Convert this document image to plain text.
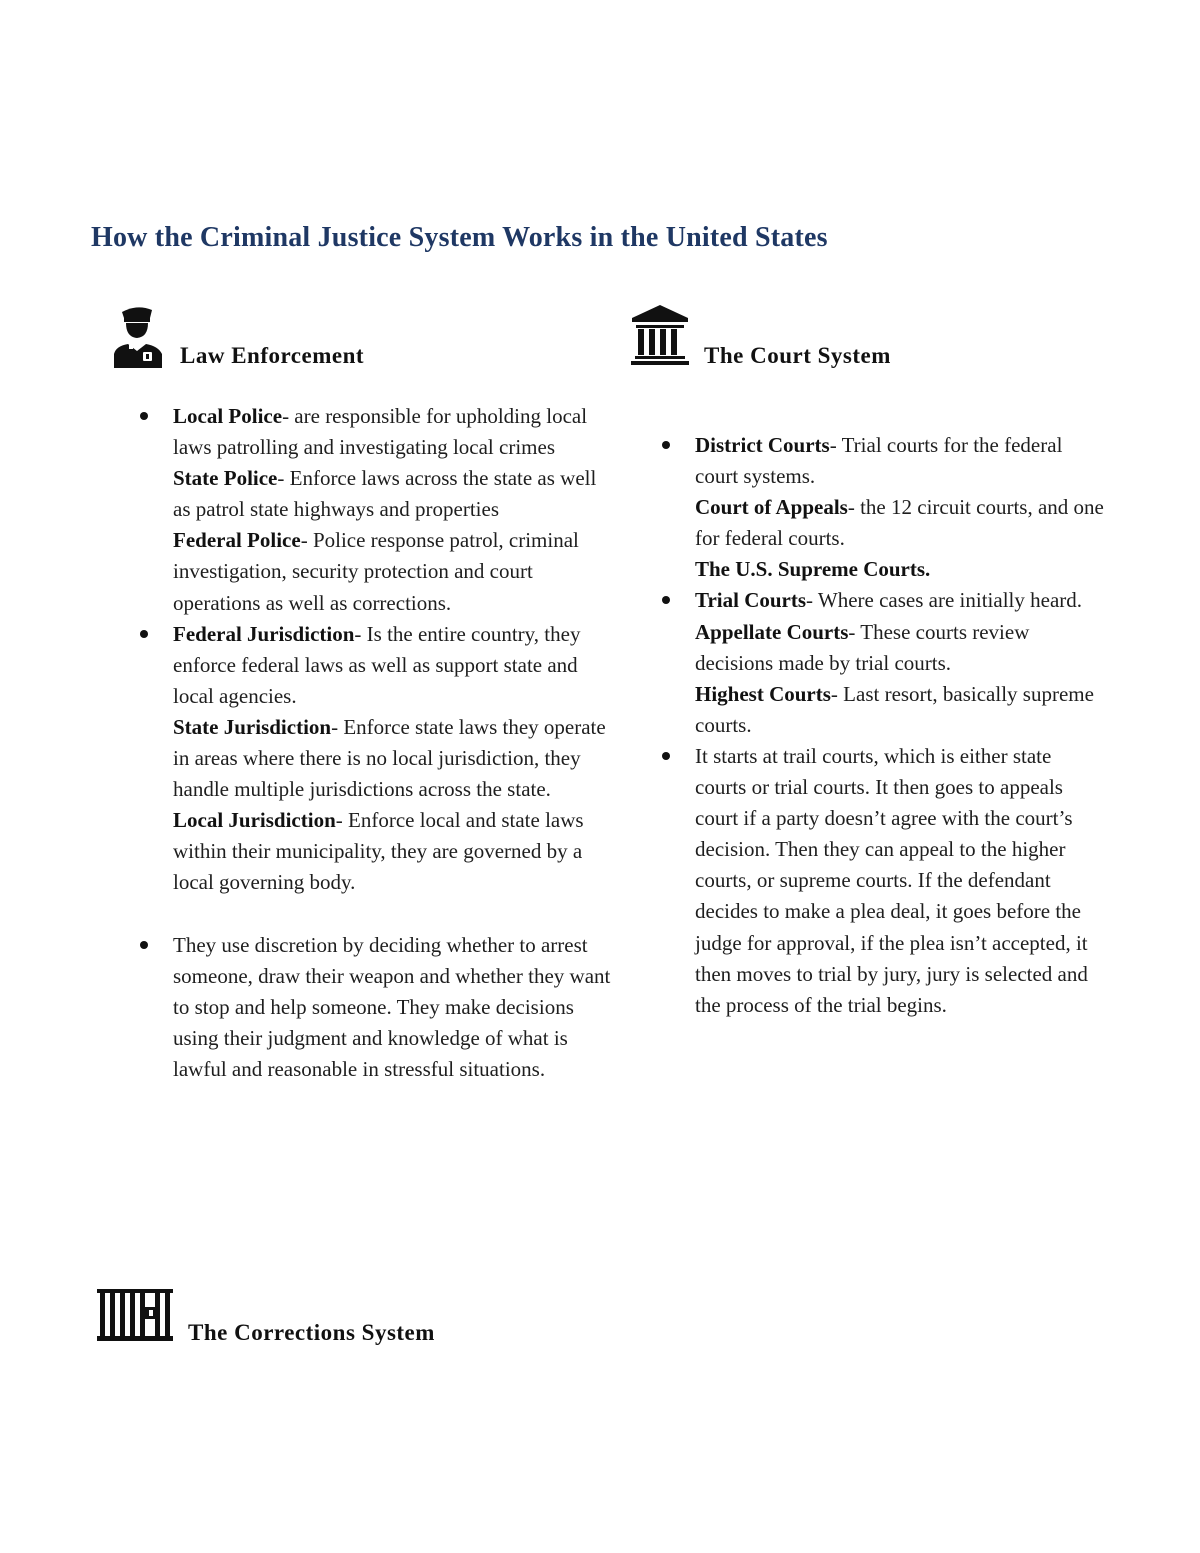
How the Criminal Justice System Works in the United States
Law Enforcement	The Court System
Local Police- are responsible for upholding local laws patrolling and investigating local crimes
State Police- Enforce laws across the state as well as patrol state highways and properties
Federal Police- Police response patrol, criminal investigation, security protection and court operations as well as corrections.
Federal Jurisdiction- Is the entire country, they enforce federal laws as well as support state and local agencies.
State Jurisdiction- Enforce state laws they operate in areas where there is no local jurisdiction, they handle multiple jurisdictions across the state.
Local Jurisdiction- Enforce local and state laws within their municipality, they are governed by a local governing body.
They use discretion by deciding whether to arrest someone, draw their weapon and whether they want to stop and help someone. They make decisions using their judgment and knowledge of what is lawful and reasonable in stressful situations.
District Courts- Trial courts for the federal court systems.
Court of Appeals- the 12 circuit courts, and one for federal courts.
The U.S. Supreme Courts.
Trial Courts- Where cases are initially heard.
Appellate Courts- These courts review decisions made by trial courts.
Highest Courts- Last resort, basically supreme courts.
It starts at trail courts, which is either state courts or trial courts. It then goes to appeals court if a party doesn’t agree with the court’s decision. Then they can appeal to the higher courts, or supreme courts. If the defendant decides to make a plea deal, it goes before the judge for approval, if the plea isn’t accepted, it then moves to trial by jury, jury is selected and the process of the trial begins.
The Corrections System
